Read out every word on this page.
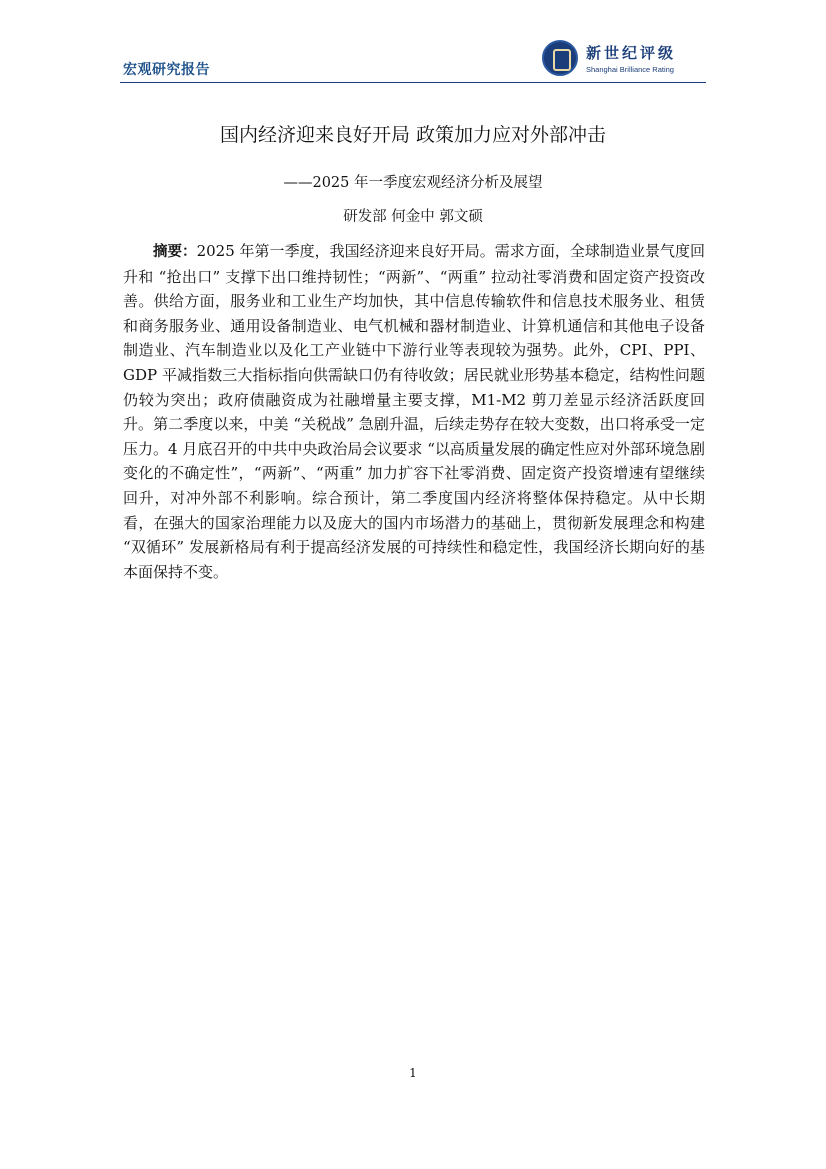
宏观研究报告
新世纪评级
Shanghai Brilliance Rating
国内经济迎来良好开局 政策加力应对外部冲击
——2025 年一季度宏观经济分析及展望
研发部 何金中 郭文硕

摘要：2025 年第一季度，我国经济迎来良好开局。需求方面，全球制造业景气度回升和 “抢出口” 支撑下出口维持韧性；“两新”、“两重” 拉动社零消费和固定资产投资改善。供给方面，服务业和工业生产均加快，其中信息传输软件和信息技术服务业、租赁和商务服务业、通用设备制造业、电气机械和器材制造业、计算机通信和其他电子设备制造业、汽车制造业以及化工产业链中下游行业等表现较为强势。此外，CPI、PPI、GDP 平减指数三大指标指向供需缺口仍有待收敛；居民就业形势基本稳定，结构性问题仍较为突出；政府债融资成为社融增量主要支撑，M1-M2 剪刀差显示经济活跃度回升。第二季度以来，中美 “关税战” 急剧升温，后续走势存在较大变数，出口将承受一定压力。4 月底召开的中共中央政治局会议要求 “以高质量发展的确定性应对外部环境急剧变化的不确定性”，“两新”、“两重” 加力扩容下社零消费、固定资产投资增速有望继续回升，对冲外部不利影响。综合预计，第二季度国内经济将整体保持稳定。从中长期看，在强大的国家治理能力以及庞大的国内市场潜力的基础上，贯彻新发展理念和构建 “双循环” 发展新格局有利于提高经济发展的可持续性和稳定性，我国经济长期向好的基本面保持不变。

1
